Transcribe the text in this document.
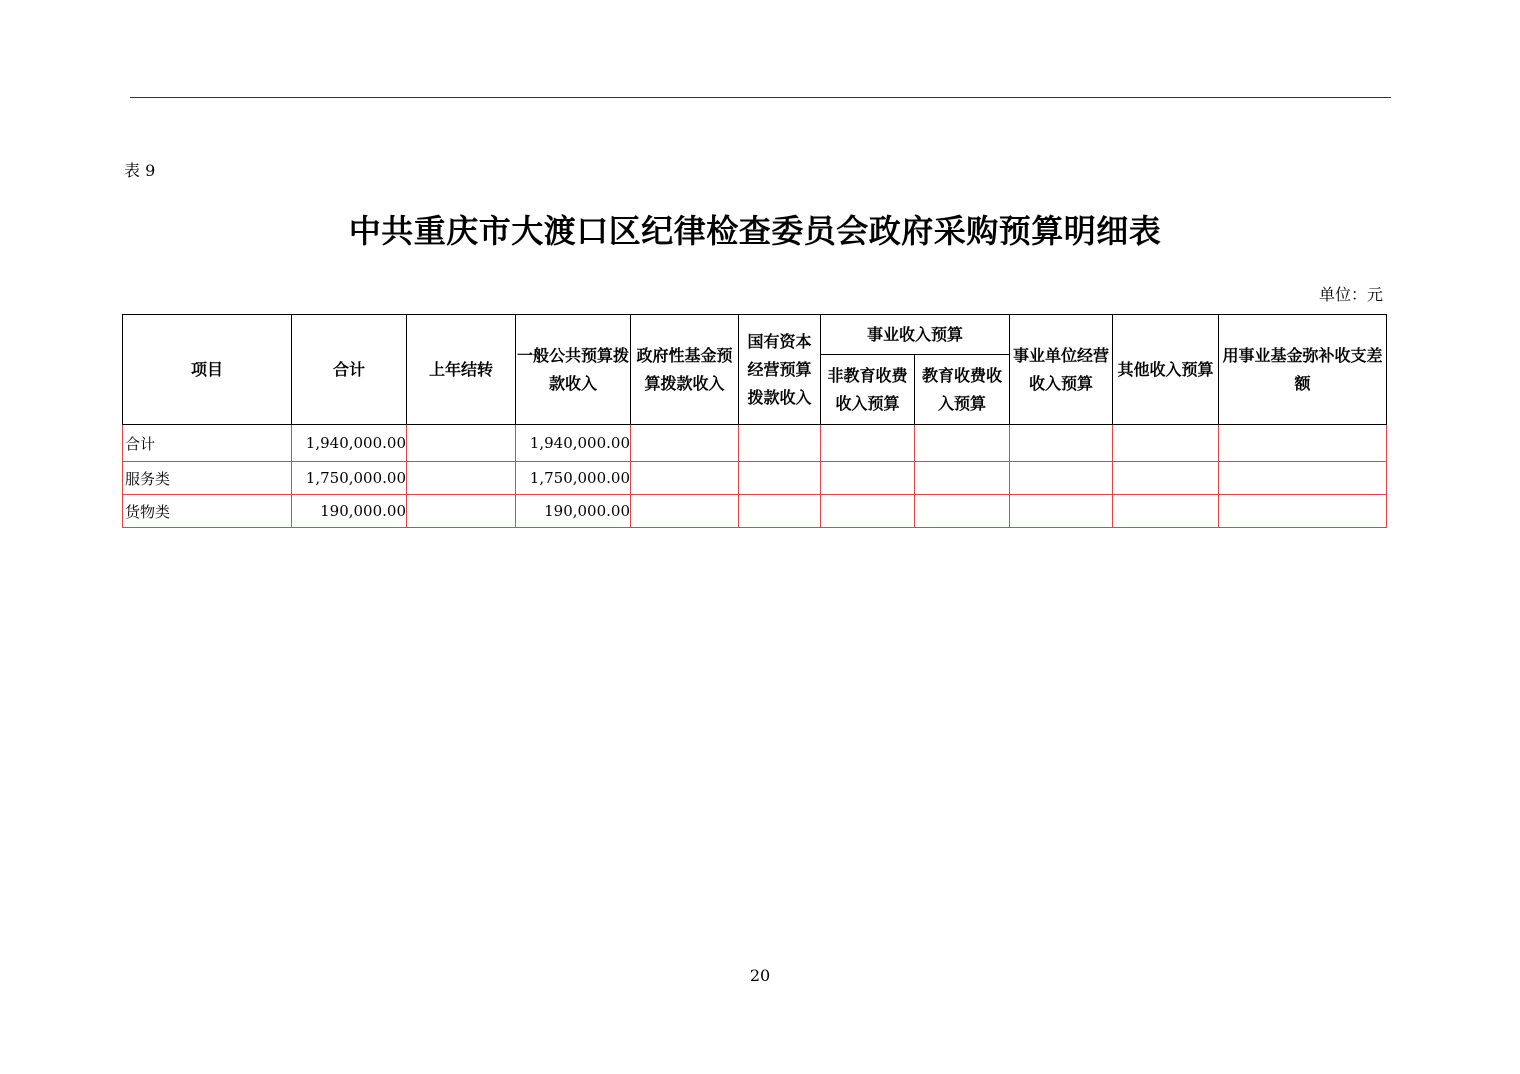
表 9
中共重庆市大渡口区纪律检查委员会政府采购预算明细表
单位：元
项目	合计	上年结转	一般公共预算拨款收入	政府性基金预算拨款收入	国有资本经营预算拨款收入	事业收入预算		事业单位经营收入预算	其他收入预算	用事业基金弥补收支差额
						非教育收费收入预算	教育收费收入预算			
合计	1,940,000.00		1,940,000.00							
服务类	1,750,000.00		1,750,000.00							
货物类	190,000.00		190,000.00							
20
